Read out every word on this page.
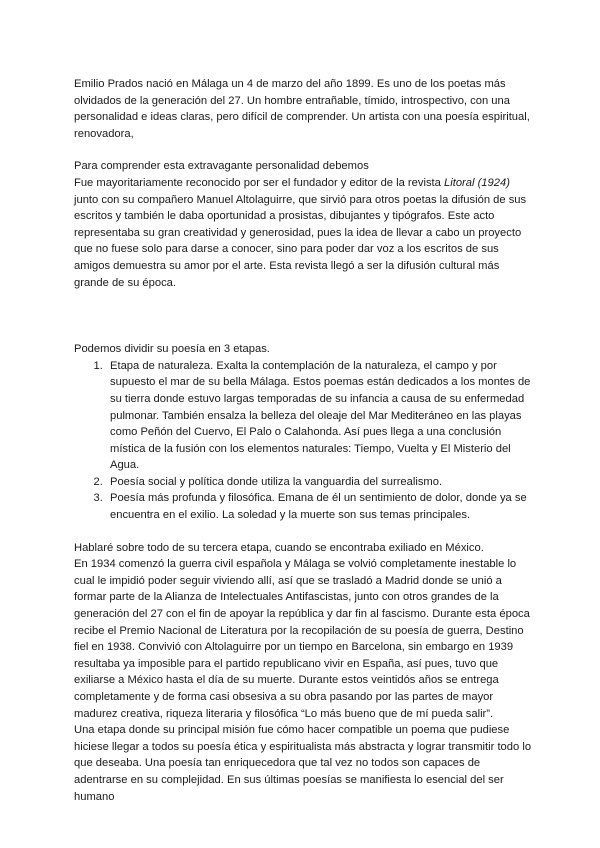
Emilio Prados nació en Málaga un 4 de marzo del año 1899. Es uno de los poetas más olvidados de la generación del 27. Un hombre entrañable, tímido, introspectivo, con una personalidad e ideas claras, pero difícil de comprender. Un artista con una poesía espiritual, renovadora,

Para comprender esta extravagante personalidad debemos

Fue mayoritariamente reconocido por ser el fundador y editor de la revista Litoral (1924) junto con su compañero Manuel Altolaguirre, que sirvió para otros poetas la difusión de sus escritos y también le daba oportunidad a prosistas, dibujantes y tipógrafos. Este acto representaba su gran creatividad y generosidad, pues la idea de llevar a cabo un proyecto que no fuese solo para darse a conocer, sino para poder dar voz a los escritos de sus amigos demuestra su amor por el arte. Esta revista llegó a ser la difusión cultural más grande de su época.

Podemos dividir su poesía en 3 etapas.

1. Etapa de naturaleza. Exalta la contemplación de la naturaleza, el campo y por supuesto el mar de su bella Málaga. Estos poemas están dedicados a los montes de su tierra donde estuvo largas temporadas de su infancia a causa de su enfermedad pulmonar. También ensalza la belleza del oleaje del Mar Mediteráneo en las playas como Peñón del Cuervo, El Palo o Calahonda. Así pues llega a una conclusión mística de la fusión con los elementos naturales: Tiempo, Vuelta y El Misterio del Agua.
2. Poesía social y política donde utiliza la vanguardia del surrealismo.
3. Poesía más profunda y filosófica. Emana de él un sentimiento de dolor, donde ya se encuentra en el exilio. La soledad y la muerte son sus temas principales.

Hablaré sobre todo de su tercera etapa, cuando se encontraba exiliado en México.

En 1934 comenzó la guerra civil española y Málaga se volvió completamente inestable lo cual le impidió poder seguir viviendo allí, así que se trasladó a Madrid donde se unió a formar parte de la Alianza de Intelectuales Antifascistas, junto con otros grandes de la generación del 27 con el fin de apoyar la república y dar fin al fascismo. Durante esta época recibe el Premio Nacional de Literatura por la recopilación de su poesía de guerra, Destino fiel en 1938. Convivió con Altolaguirre por un tiempo en Barcelona, sin embargo en 1939 resultaba ya imposible para el partido republicano vivir en España, así pues, tuvo que exiliarse a México hasta el día de su muerte. Durante estos veintidós años se entrega completamente y de forma casi obsesiva a su obra pasando por las partes de mayor madurez creativa, riqueza literaria y filosófica “Lo más bueno que de mí pueda salir”.

Una etapa donde su principal misión fue cómo hacer compatible un poema que pudiese hiciese llegar a todos su poesía ética y espiritualista más abstracta y lograr transmitir todo lo que deseaba. Una poesía tan enriquecedora que tal vez no todos son capaces de adentrarse en su complejidad. En sus últimas poesías se manifiesta lo esencial del ser humano
